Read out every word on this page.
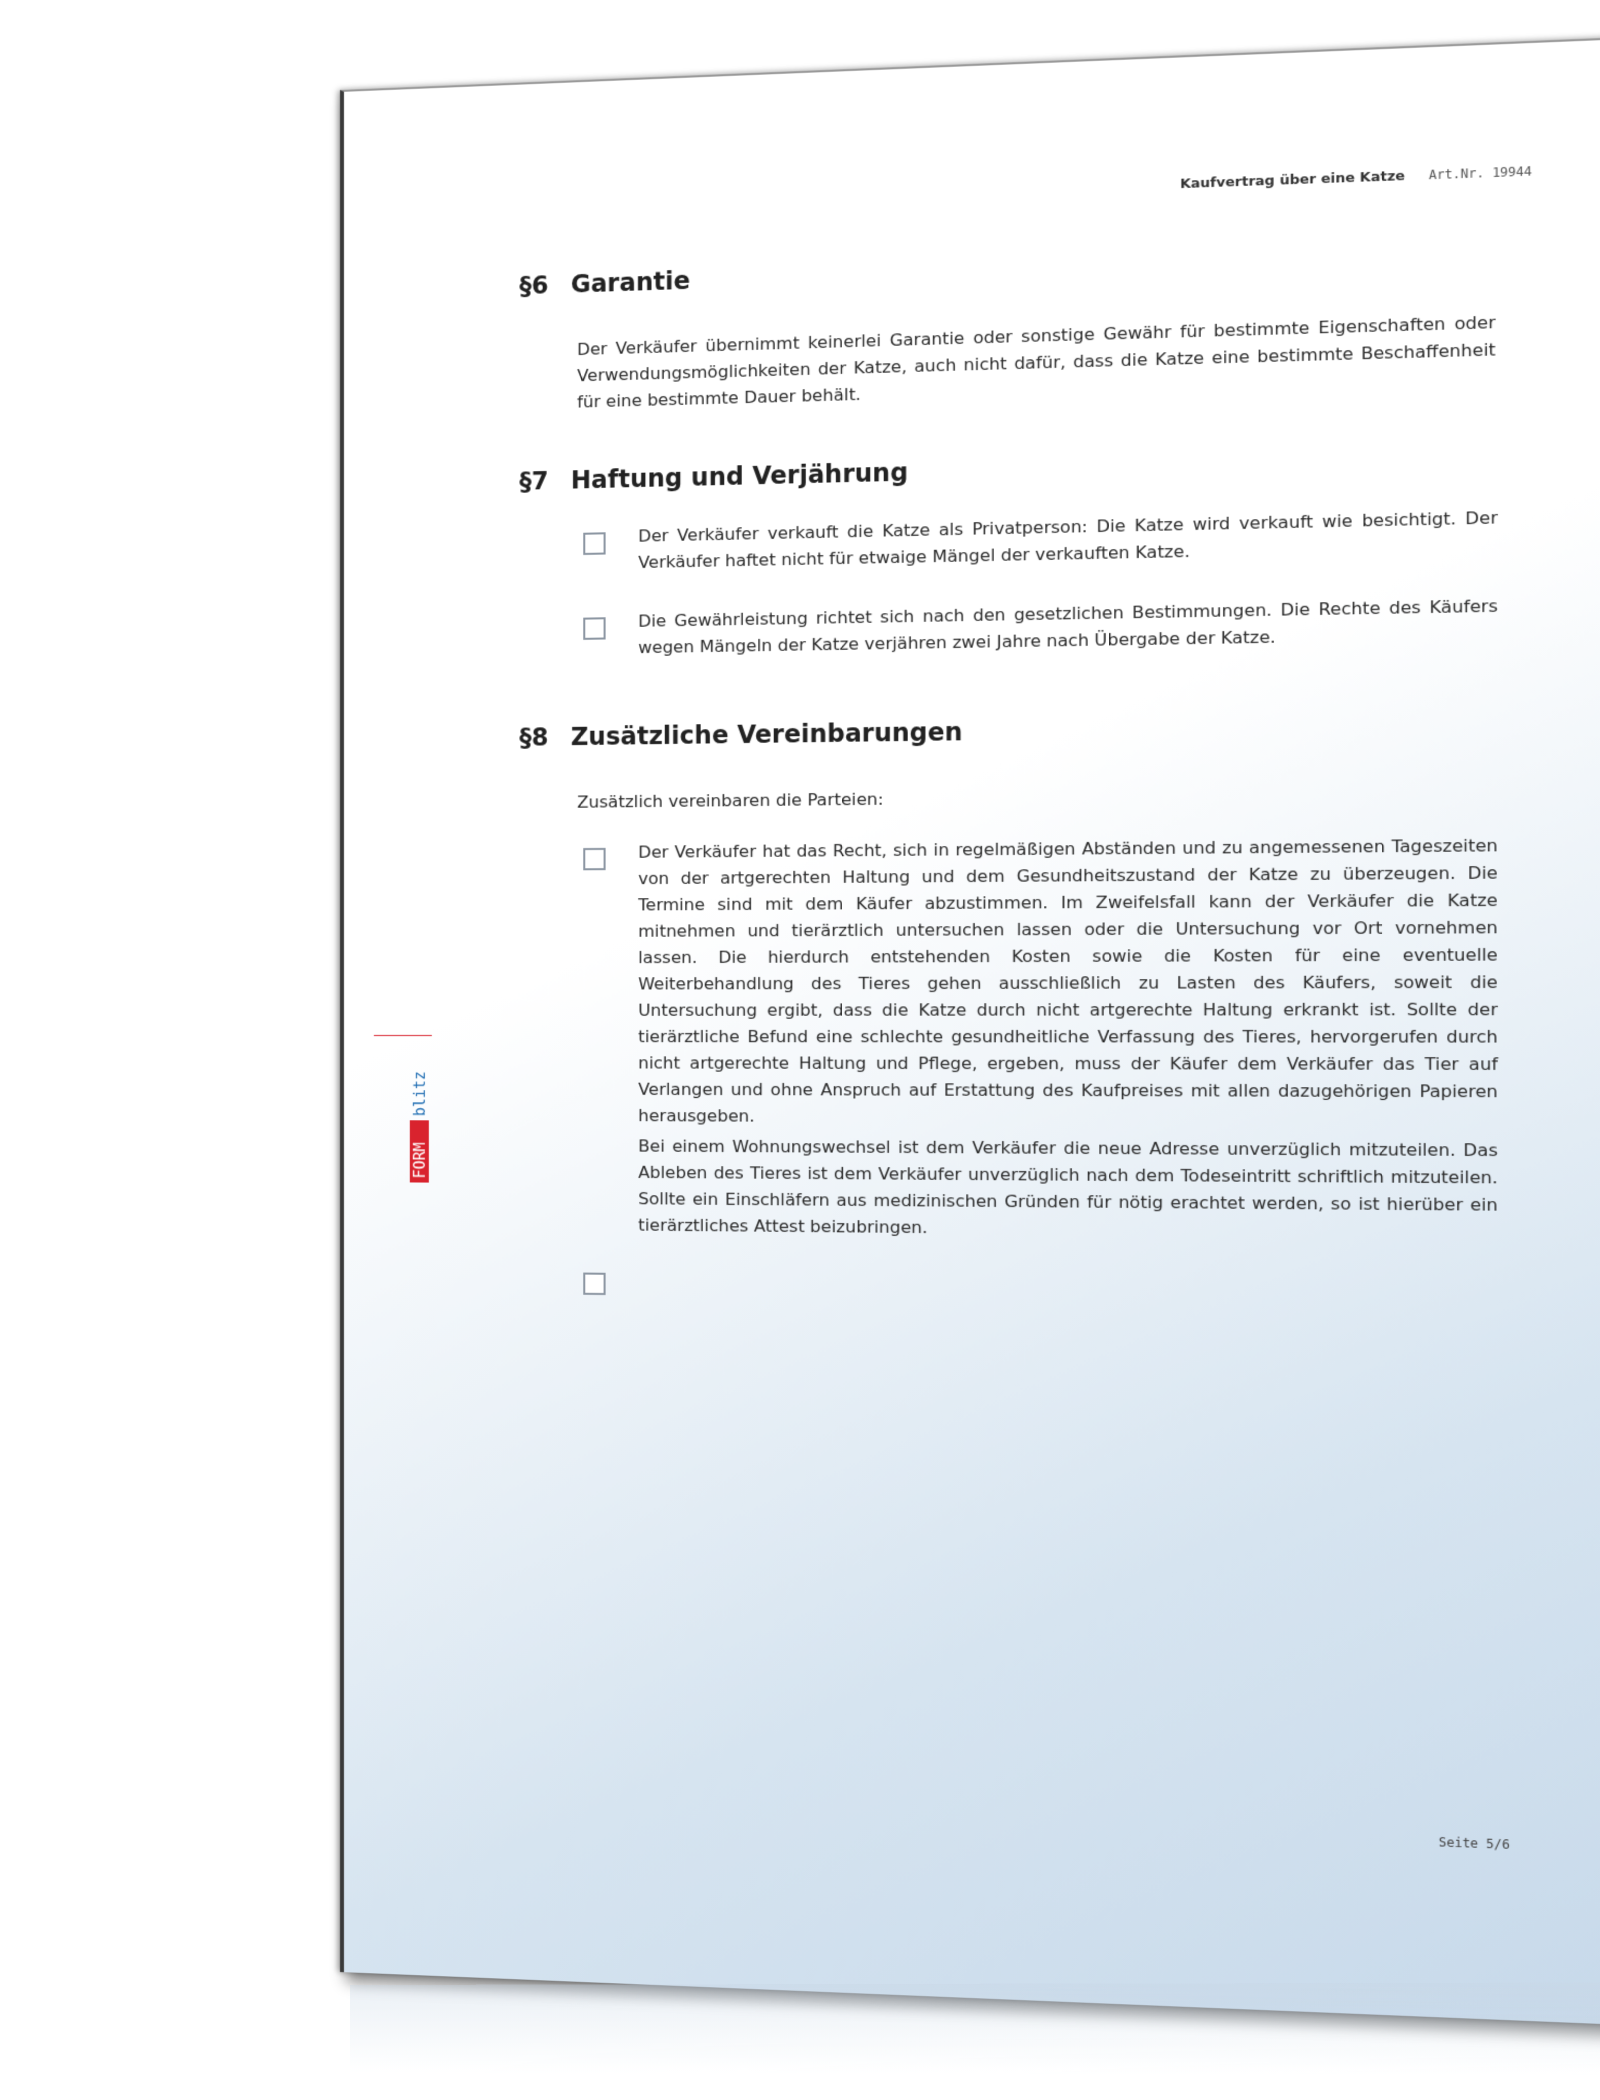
Kaufvertrag über eine Katze Art.Nr. 19944
§6 Garantie
Der Verkäufer übernimmt keinerlei Garantie oder sonstige Gewähr für bestimmte Eigenschaften oder Verwendungsmöglichkeiten der Katze, auch nicht dafür, dass die Katze eine bestimmte Beschaffenheit für eine bestimmte Dauer behält.
§7 Haftung und Verjährung
Der Verkäufer verkauft die Katze als Privatperson: Die Katze wird verkauft wie besichtigt. Der Verkäufer haftet nicht für etwaige Mängel der verkauften Katze.
Die Gewährleistung richtet sich nach den gesetzlichen Bestimmungen. Die Rechte des Käufers wegen Mängeln der Katze verjähren zwei Jahre nach Übergabe der Katze.
§8 Zusätzliche Vereinbarungen
Zusätzlich vereinbaren die Parteien:
Der Verkäufer hat das Recht, sich in regelmäßigen Abständen und zu angemessenen Tageszeiten von der artgerechten Haltung und dem Gesundheitszustand der Katze zu überzeugen. Die Termine sind mit dem Käufer abzustimmen. Im Zweifelsfall kann der Verkäufer die Katze mitnehmen und tierärztlich untersuchen lassen oder die Untersuchung vor Ort vornehmen lassen. Die hierdurch entstehenden Kosten sowie die Kosten für eine eventuelle Weiterbehandlung des Tieres gehen ausschließlich zu Lasten des Käufers, soweit die Untersuchung ergibt, dass die Katze durch nicht artgerechte Haltung erkrankt ist. Sollte der tierärztliche Befund eine schlechte gesundheitliche Verfassung des Tieres, hervorgerufen durch nicht artgerechte Haltung und Pflege, ergeben, muss der Käufer dem Verkäufer das Tier auf Verlangen und ohne Anspruch auf Erstattung des Kaufpreises mit allen dazugehörigen Papieren herausgeben.
Bei einem Wohnungswechsel ist dem Verkäufer die neue Adresse unverzüglich mitzuteilen. Das Ableben des Tieres ist dem Verkäufer unverzüglich nach dem Todeseintritt schriftlich mitzuteilen. Sollte ein Einschläfern aus medizinischen Gründen für nötig erachtet werden, so ist hierüber ein tierärztliches Attest beizubringen.
FORM
blitz
Seite 5/6
